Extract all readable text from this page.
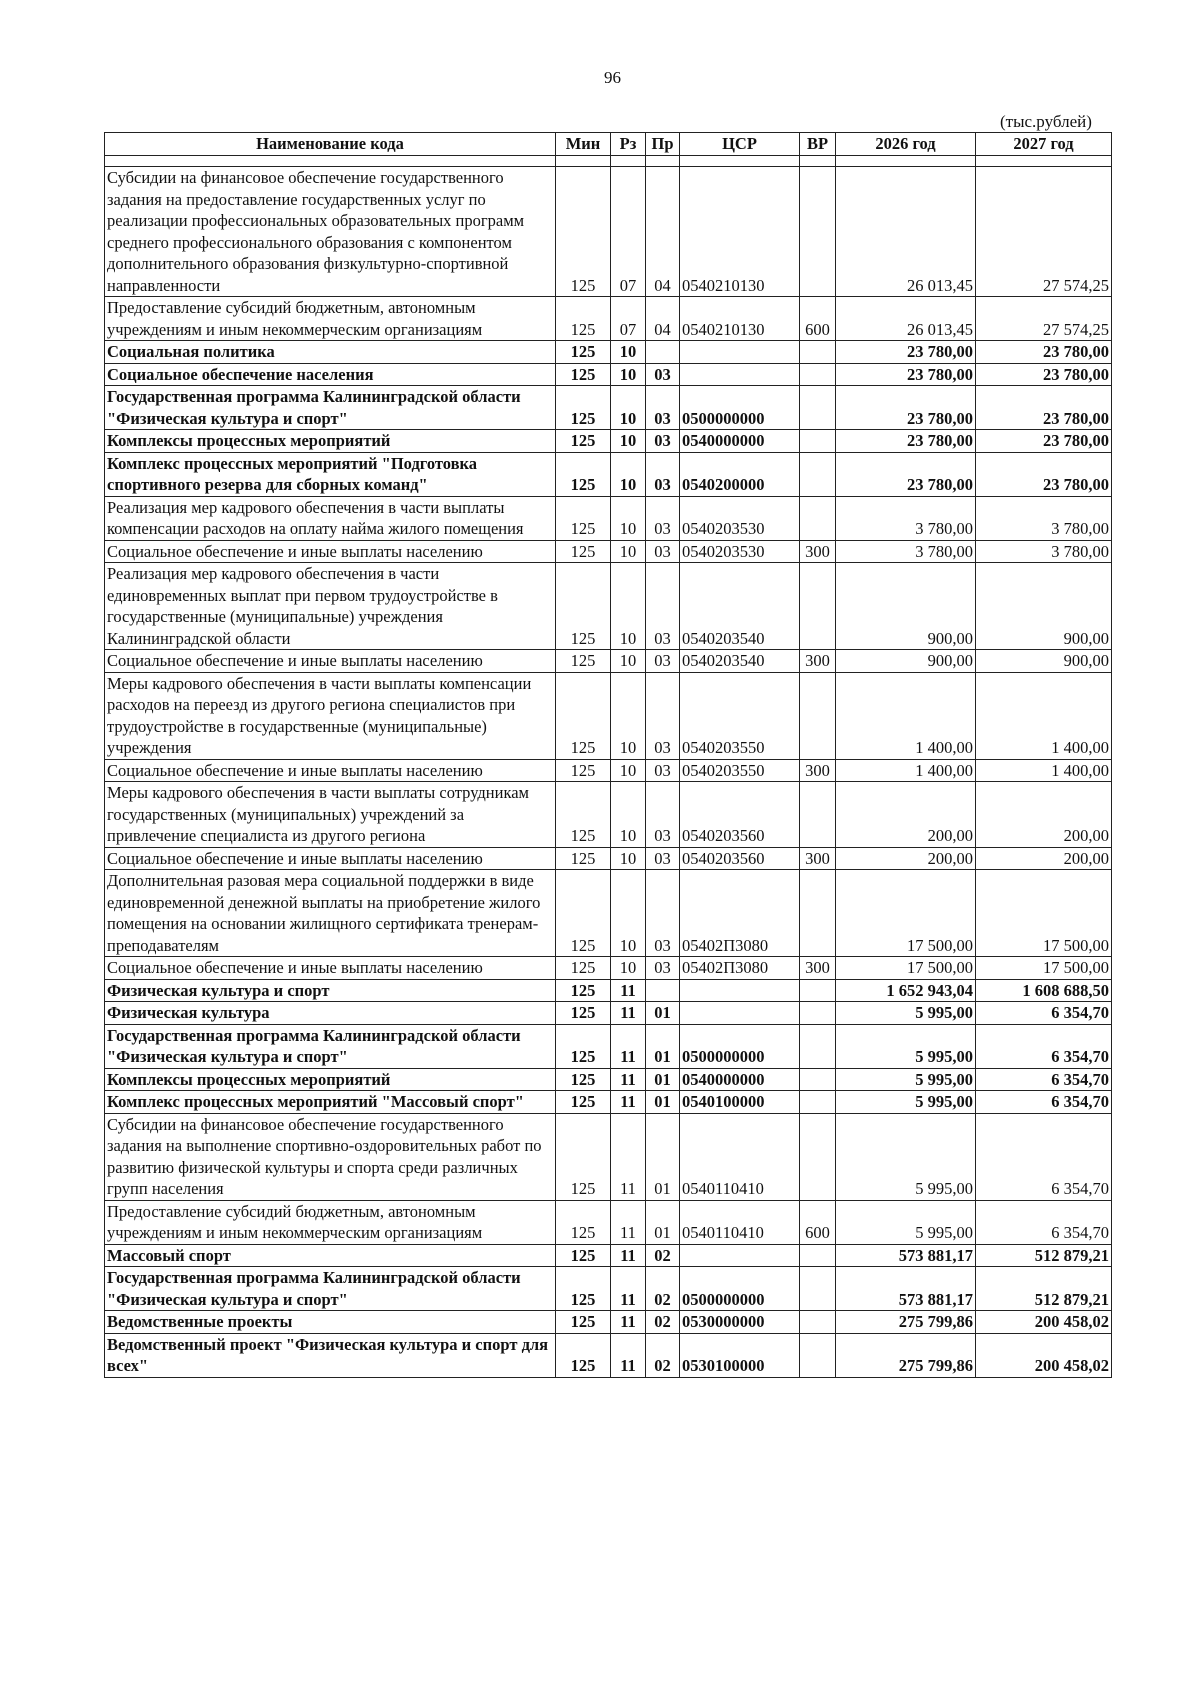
96
(тыс.рублей)
Наименование кода	Мин	Рз	Пр	ЦСР	ВР	2026 год	2027 год

Субсидии на финансовое обеспечение государственного задания на предоставление государственных услуг по реализации профессиональных образовательных программ среднего профессионального образования с компонентом дополнительного образования физкультурно-спортивной направленности	125	07	04	0540210130		26 013,45	27 574,25
Предоставление субсидий бюджетным, автономным учреждениям и иным некоммерческим организациям	125	07	04	0540210130	600	26 013,45	27 574,25
Социальная политика	125	10				23 780,00	23 780,00
Социальное обеспечение населения	125	10	03			23 780,00	23 780,00
Государственная программа Калининградской области "Физическая культура и спорт"	125	10	03	0500000000		23 780,00	23 780,00
Комплексы процессных мероприятий	125	10	03	0540000000		23 780,00	23 780,00
Комплекс процессных мероприятий "Подготовка спортивного резерва для сборных команд"	125	10	03	0540200000		23 780,00	23 780,00
Реализация мер кадрового обеспечения в части выплаты компенсации расходов на оплату найма жилого помещения	125	10	03	0540203530		3 780,00	3 780,00
Социальное обеспечение и иные выплаты населению	125	10	03	0540203530	300	3 780,00	3 780,00
Реализация мер кадрового обеспечения в части единовременных выплат при первом трудоустройстве в государственные (муниципальные) учреждения Калининградской области	125	10	03	0540203540		900,00	900,00
Социальное обеспечение и иные выплаты населению	125	10	03	0540203540	300	900,00	900,00
Меры кадрового обеспечения в части выплаты компенсации расходов на переезд из другого региона специалистов при трудоустройстве в государственные (муниципальные) учреждения	125	10	03	0540203550		1 400,00	1 400,00
Социальное обеспечение и иные выплаты населению	125	10	03	0540203550	300	1 400,00	1 400,00
Меры кадрового обеспечения в части выплаты сотрудникам государственных (муниципальных) учреждений за привлечение специалиста из другого региона	125	10	03	0540203560		200,00	200,00
Социальное обеспечение и иные выплаты населению	125	10	03	0540203560	300	200,00	200,00
Дополнительная разовая мера социальной поддержки в виде единовременной денежной выплаты на приобретение жилого помещения на основании жилищного сертификата тренерам-преподавателям	125	10	03	05402П3080		17 500,00	17 500,00
Социальное обеспечение и иные выплаты населению	125	10	03	05402П3080	300	17 500,00	17 500,00
Физическая культура и спорт	125	11				1 652 943,04	1 608 688,50
Физическая культура	125	11	01			5 995,00	6 354,70
Государственная программа Калининградской области "Физическая культура и спорт"	125	11	01	0500000000		5 995,00	6 354,70
Комплексы процессных мероприятий	125	11	01	0540000000		5 995,00	6 354,70
Комплекс процессных мероприятий "Массовый спорт"	125	11	01	0540100000		5 995,00	6 354,70
Субсидии на финансовое обеспечение государственного задания на выполнение спортивно-оздоровительных работ по развитию физической культуры и спорта среди различных групп населения	125	11	01	0540110410		5 995,00	6 354,70
Предоставление субсидий бюджетным, автономным учреждениям и иным некоммерческим организациям	125	11	01	0540110410	600	5 995,00	6 354,70
Массовый спорт	125	11	02			573 881,17	512 879,21
Государственная программа Калининградской области "Физическая культура и спорт"	125	11	02	0500000000		573 881,17	512 879,21
Ведомственные проекты	125	11	02	0530000000		275 799,86	200 458,02
Ведомственный проект "Физическая культура и спорт для всех"	125	11	02	0530100000		275 799,86	200 458,02
